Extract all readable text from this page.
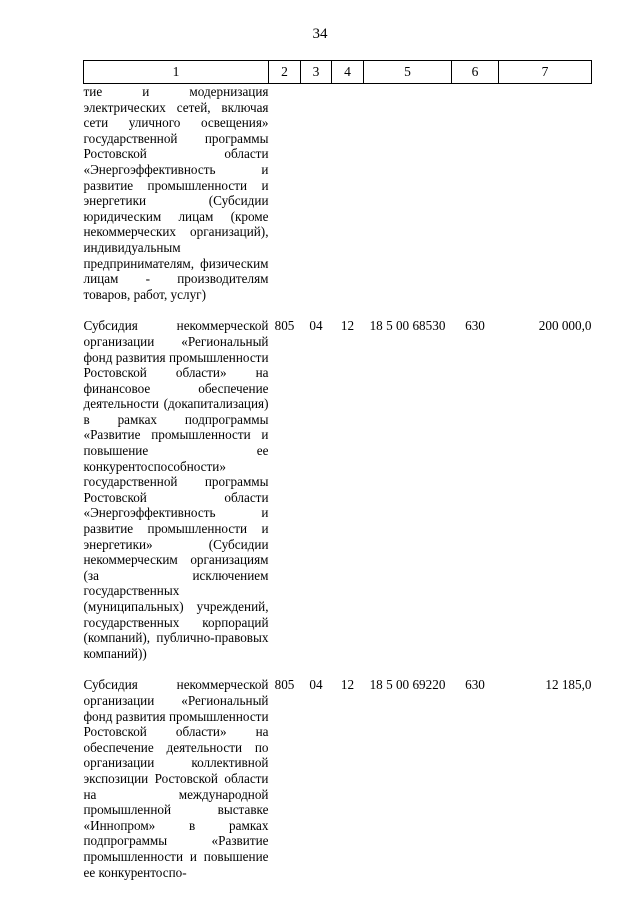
34
1	2	3	4	5	6	7
тие и модернизация электрических сетей, включая сети уличного освещения» государственной программы Ростовской области «Энергоэффективность и развитие промышленности и энергетики (Субсидии юридическим лицам (кроме некоммерческих организаций), индивидуальным предпринимателям, физическим лицам - производителям товаров, работ, услуг)						

Субсидия некоммерческой организации «Региональный фонд развития промышленности Ростовской области» на финансовое обеспечение деятельности (докапитализация) в рамках подпрограммы «Развитие промышленности и повышение ее конкурентоспособности» государственной программы Ростовской области «Энергоэффективность и развитие промышленности и энергетики» (Субсидии некоммерческим организациям (за исключением государственных (муниципальных) учреждений, государственных корпораций (компаний), публично-правовых компаний))	805	04	12	18 5 00 68530	630	200 000,0

Субсидия некоммерческой организации «Региональный фонд развития промышленности Ростовской области» на обеспечение деятельности по организации коллективной экспозиции Ростовской области на международной промышленной выставке «Иннопром» в рамках подпрограммы «Развитие промышленности и повышение ее конкурентоспо-	805	04	12	18 5 00 69220	630	12 185,0
